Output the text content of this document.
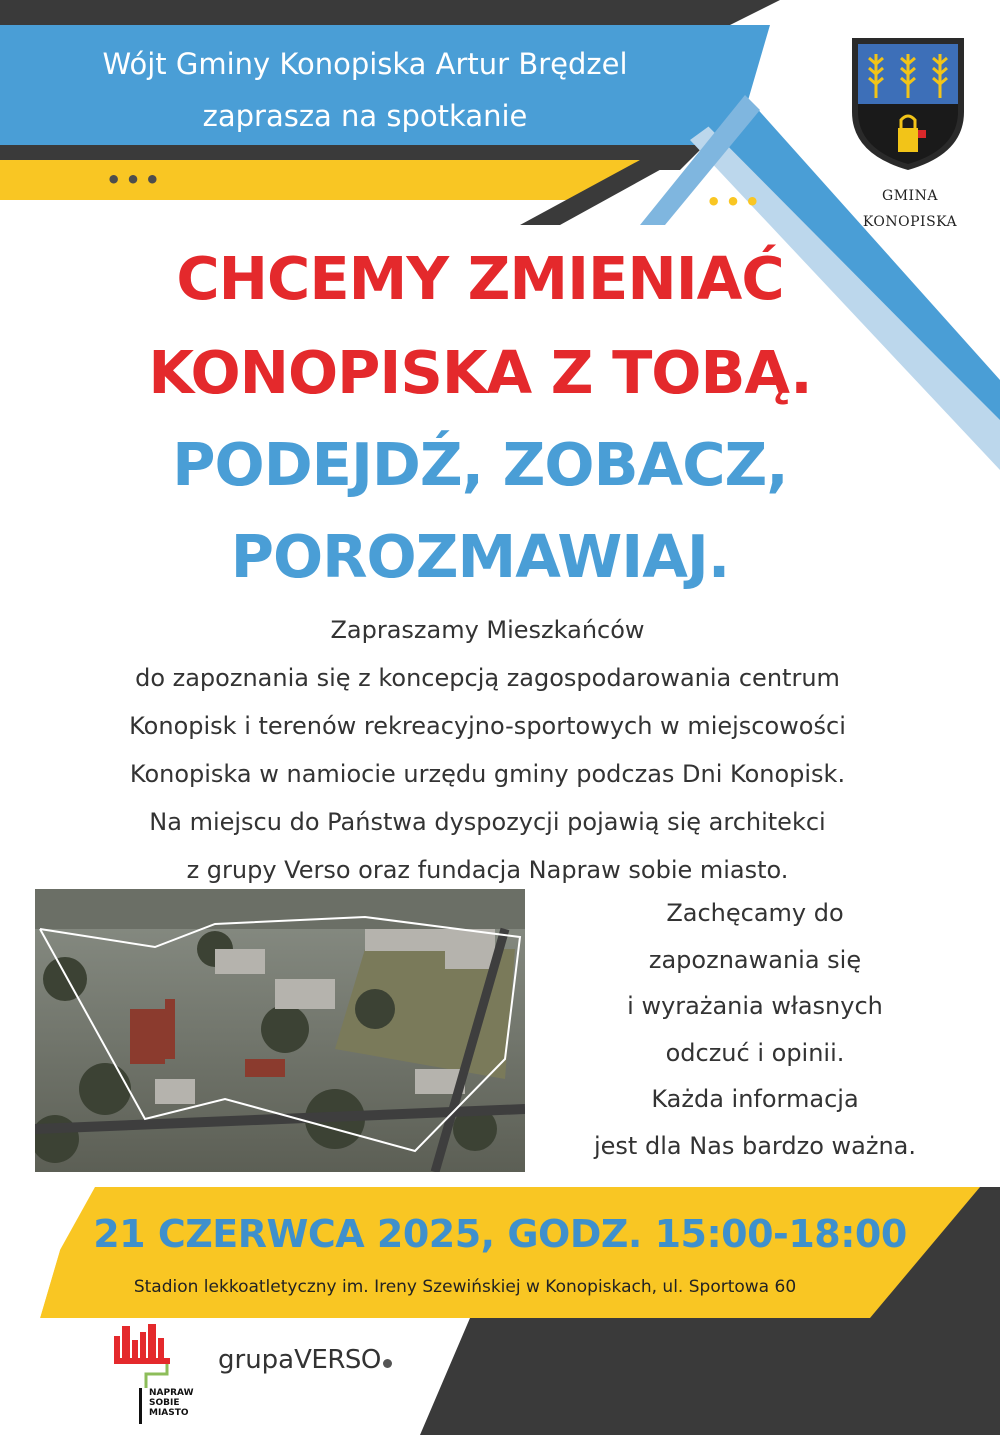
Wójt Gminy Konopiska Artur Brędzel
zaprasza na spotkanie
•••
•••	GMINA
KONOPISKA
CHCEMY ZMIENIAĆ
KONOPISKA Z TOBĄ.
PODEJDŹ, ZOBACZ,
POROZMAWIAJ.
Zapraszamy Mieszkańców
do zapoznania się z koncepcją zagospodarowania centrum
Konopisk i terenów rekreacyjno-sportowych w miejscowości
Konopiska w namiocie urzędu gminy podczas Dni Konopisk.
Na miejscu do Państwa dyspozycji pojawią się architekci
z grupy Verso oraz fundacja Napraw sobie miasto.
Zachęcamy do
zapoznawania się
i wyrażania własnych
odczuć i opinii.
Każda informacja
jest dla Nas bardzo ważna.
21 CZERWCA 2025, GODZ. 15:00-18:00
Stadion lekkoatletyczny im. Ireny Szewińskiej w Konopiskach, ul. Sportowa 60
NAPRAW
SOBIE
MIASTO
grupaVERSO
